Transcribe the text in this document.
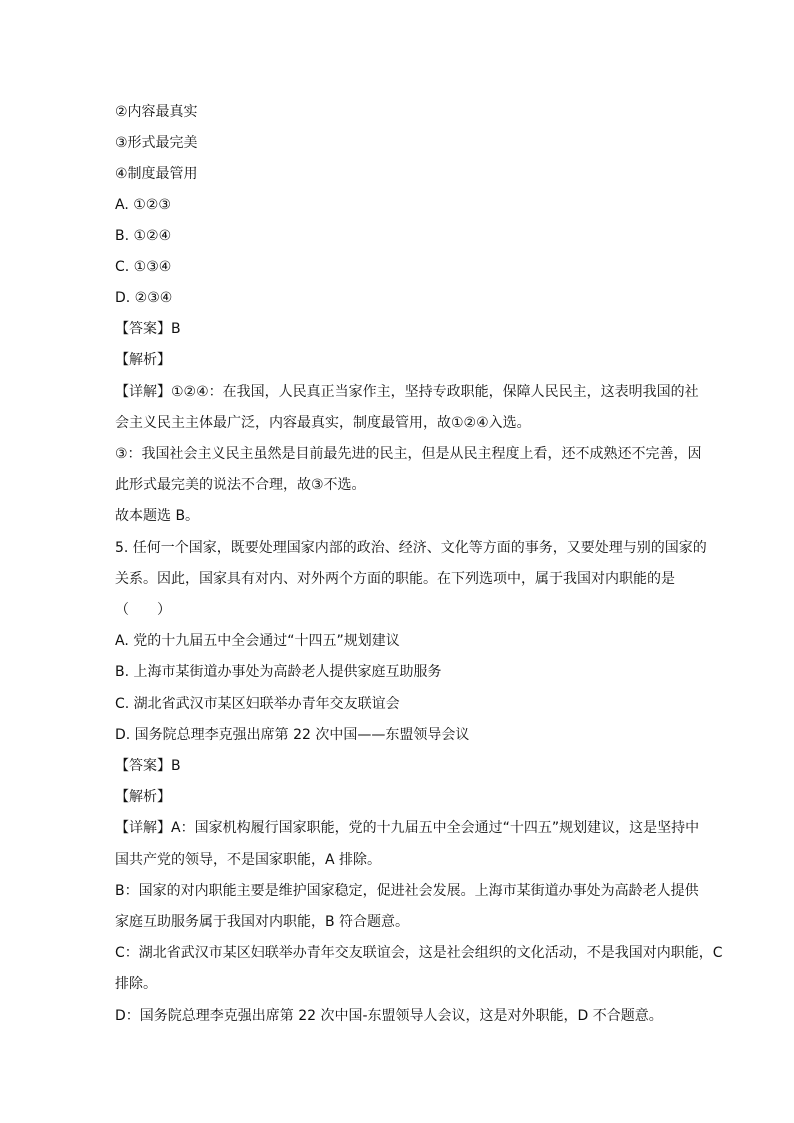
②内容最真实
③形式最完美
④制度最管用
A. ①②③
B. ①②④
C. ①③④
D. ②③④
【答案】B
【解析】
【详解】①②④：在我国，人民真正当家作主，坚持专政职能，保障人民民主，这表明我国的社
会主义民主主体最广泛，内容最真实，制度最管用，故①②④入选。
③：我国社会主义民主虽然是目前最先进的民主，但是从民主程度上看，还不成熟还不完善，因
此形式最完美的说法不合理，故③不选。
故本题选 B。
5. 任何一个国家，既要处理国家内部的政治、经济、文化等方面的事务，又要处理与别的国家的
关系。因此，国家具有对内、对外两个方面的职能。在下列选项中，属于我国对内职能的是
（　　）
A. 党的十九届五中全会通过“十四五”规划建议
B. 上海市某街道办事处为高龄老人提供家庭互助服务
C. 湖北省武汉市某区妇联举办青年交友联谊会
D. 国务院总理李克强出席第 22 次中国——东盟领导会议
【答案】B
【解析】
【详解】A：国家机构履行国家职能，党的十九届五中全会通过“十四五”规划建议，这是坚持中
国共产党的领导，不是国家职能，A 排除。
B：国家的对内职能主要是维护国家稳定，促进社会发展。上海市某街道办事处为高龄老人提供
家庭互助服务属于我国对内职能，B 符合题意。
C：湖北省武汉市某区妇联举办青年交友联谊会，这是社会组织的文化活动，不是我国对内职能，C
排除。
D：国务院总理李克强出席第 22 次中国-东盟领导人会议，这是对外职能，D 不合题意。
